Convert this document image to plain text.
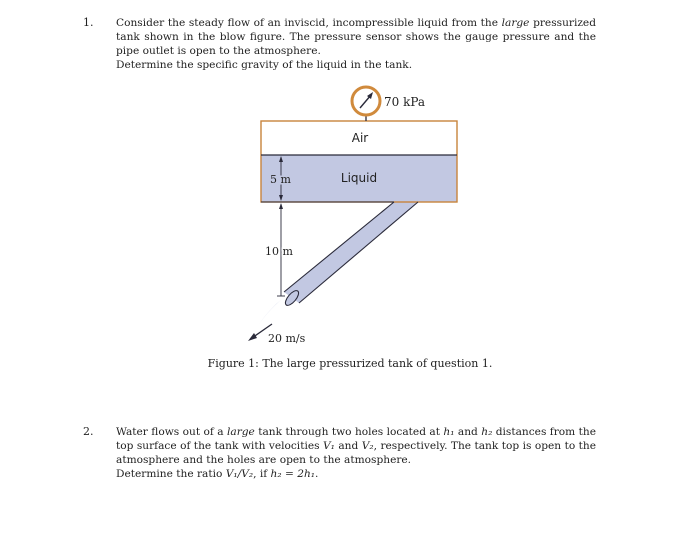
1. Consider the steady flow of an inviscid, incompressible liquid from the large pressurized tank shown in the blow figure. The pressure sensor shows the gauge pressure and the pipe outlet is open to the atmosphere.

Determine the specific gravity of the liquid in the tank.

70 kPa
Air
Liquid
5 m
10 m
20 m/s
Figure 1: The large pressurized tank of question 1.
2. Water flows out of a large tank through two holes located at h₁ and h₂ distances from the top surface of the tank with velocities V₁ and V₂, respectively. The tank top is open to the atmosphere and the holes are open to the atmosphere.

Determine the ratio V₁/V₂, if h₂ = 2h₁.
